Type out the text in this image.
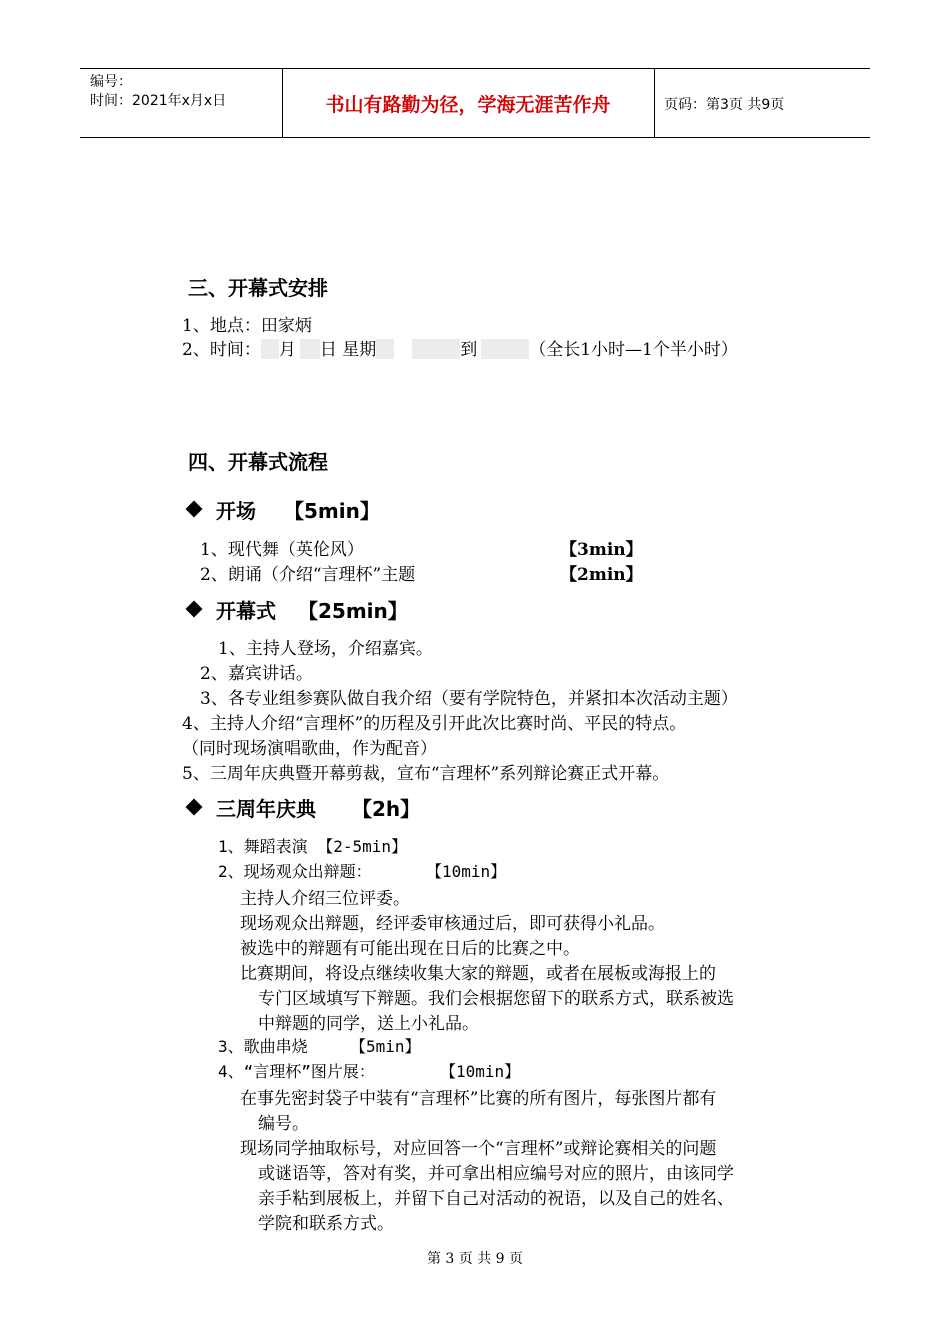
编号：
时间：2021年x月x日	书山有路勤为径，学海无涯苦作舟	页码：第3页 共9页
三、开幕式安排
1、地点：田家炳
2、时间： 月 日 星期	到	（全长1小时—1个半小时）
四、开幕式流程
开场 【5min】
1、现代舞（英伦风）	【3min】
2、朗诵（介绍“言理杯”主题	【2min】
开幕式 【25min】
1、主持人登场，介绍嘉宾。
2、嘉宾讲话。
3、各专业组参赛队做自我介绍（要有学院特色，并紧扣本次活动主题）
4、主持人介绍“言理杯”的历程及引开此次比赛时尚、平民的特点。
（同时现场演唱歌曲，作为配音）
5、三周年庆典暨开幕剪裁，宣布“言理杯”系列辩论赛正式开幕。
三周年庆典 【2h】
1、舞蹈表演 【2-5min】
2、现场观众出辩题：	【10min】
主持人介绍三位评委。
现场观众出辩题，经评委审核通过后，即可获得小礼品。
被选中的辩题有可能出现在日后的比赛之中。
比赛期间，将设点继续收集大家的辩题，或者在展板或海报上的
专门区域填写下辩题。我们会根据您留下的联系方式，联系被选
中辩题的同学，送上小礼品。
3、歌曲串烧	【5min】
4、“言理杯”图片展：	【10min】
在事先密封袋子中装有“言理杯”比赛的所有图片，每张图片都有
编号。
现场同学抽取标号，对应回答一个“言理杯”或辩论赛相关的问题
或谜语等，答对有奖，并可拿出相应编号对应的照片，由该同学
亲手粘到展板上，并留下自己对活动的祝语，以及自己的姓名、
学院和联系方式。
第 3 页 共 9 页
